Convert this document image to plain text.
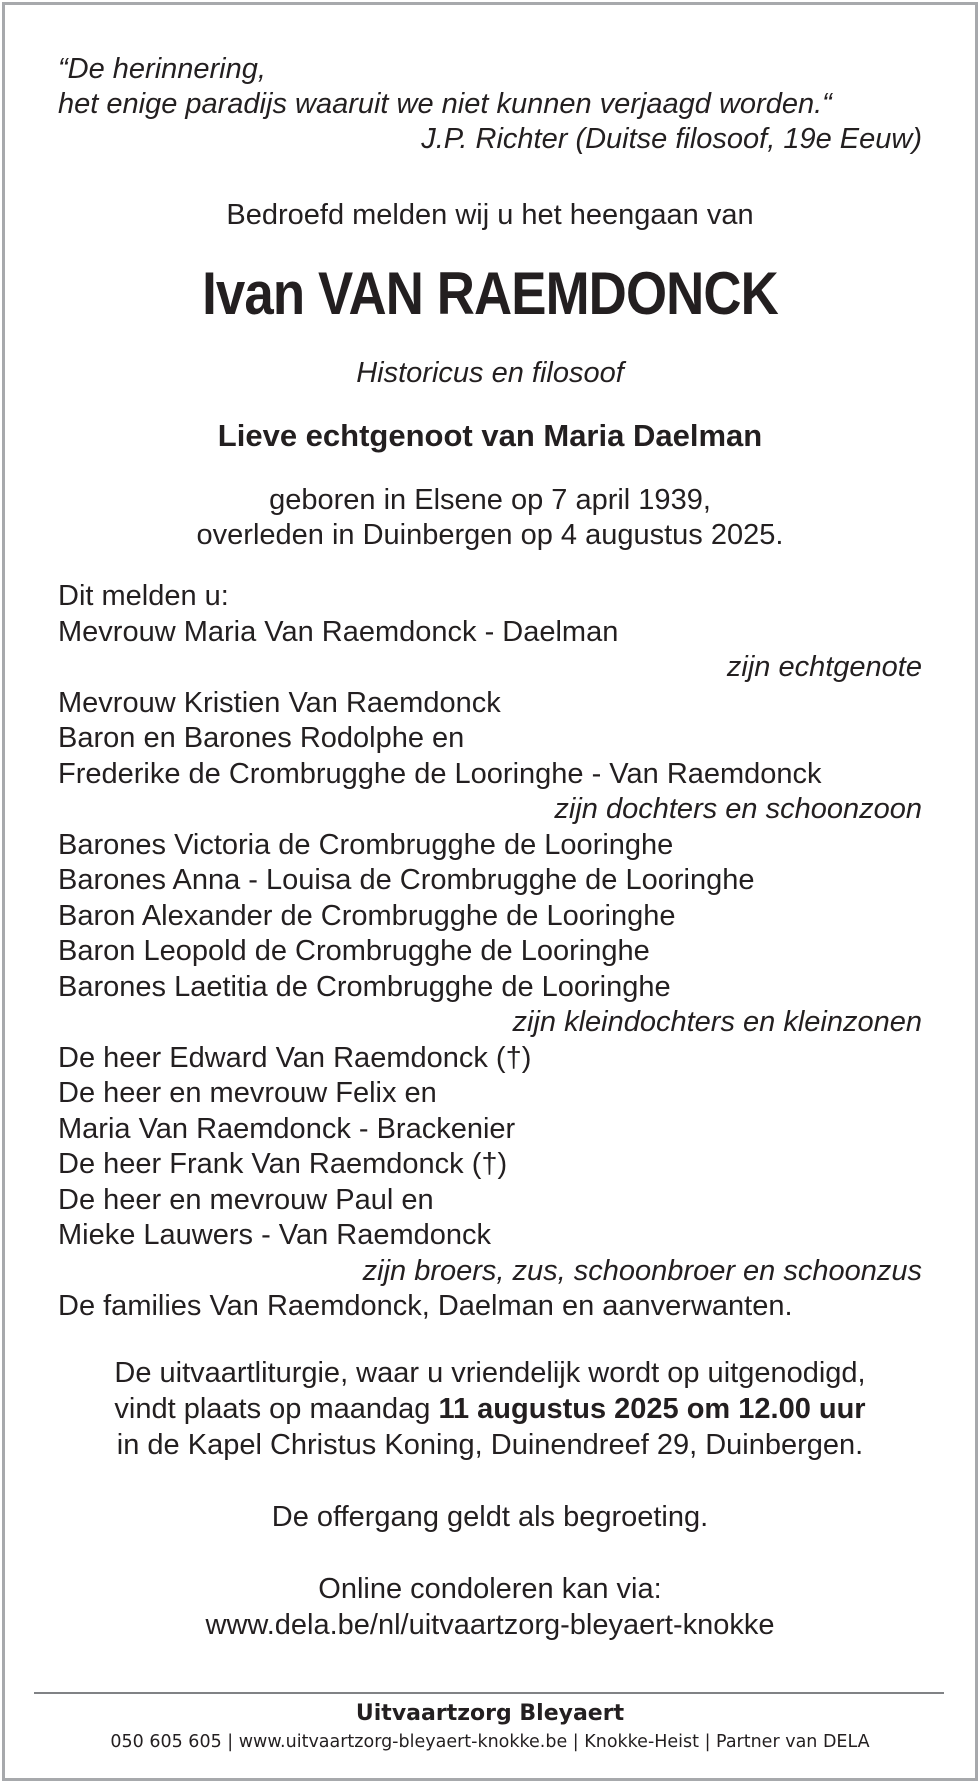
“De herinnering,
het enige paradijs waaruit we niet kunnen verjaagd worden.“
J.P. Richter (Duitse filosoof, 19e Eeuw)
Bedroefd melden wij u het heengaan van
Ivan VAN RAEMDONCK
Historicus en filosoof
Lieve echtgenoot van Maria Daelman
geboren in Elsene op 7 april 1939,
overleden in Duinbergen op 4 augustus 2025.
Dit melden u:
Mevrouw Maria Van Raemdonck - Daelman
zijn echtgenote
Mevrouw Kristien Van Raemdonck
Baron en Barones Rodolphe en
Frederike de Crombrugghe de Looringhe - Van Raemdonck
zijn dochters en schoonzoon
Barones Victoria de Crombrugghe de Looringhe
Barones Anna - Louisa de Crombrugghe de Looringhe
Baron Alexander de Crombrugghe de Looringhe
Baron Leopold de Crombrugghe de Looringhe
Barones Laetitia de Crombrugghe de Looringhe
zijn kleindochters en kleinzonen
De heer Edward Van Raemdonck (†)
De heer en mevrouw Felix en
Maria Van Raemdonck - Brackenier
De heer Frank Van Raemdonck (†)
De heer en mevrouw Paul en
Mieke Lauwers - Van Raemdonck
zijn broers, zus, schoonbroer en schoonzus
De families Van Raemdonck, Daelman en aanverwanten.
De uitvaartliturgie, waar u vriendelijk wordt op uitgenodigd,
vindt plaats op maandag 11 augustus 2025 om 12.00 uur
in de Kapel Christus Koning, Duinendreef 29, Duinbergen.
De offergang geldt als begroeting.
Online condoleren kan via:
www.dela.be/nl/uitvaartzorg-bleyaert-knokke
Uitvaartzorg Bleyaert
050 605 605 | www.uitvaartzorg-bleyaert-knokke.be | Knokke-Heist | Partner van DELA
